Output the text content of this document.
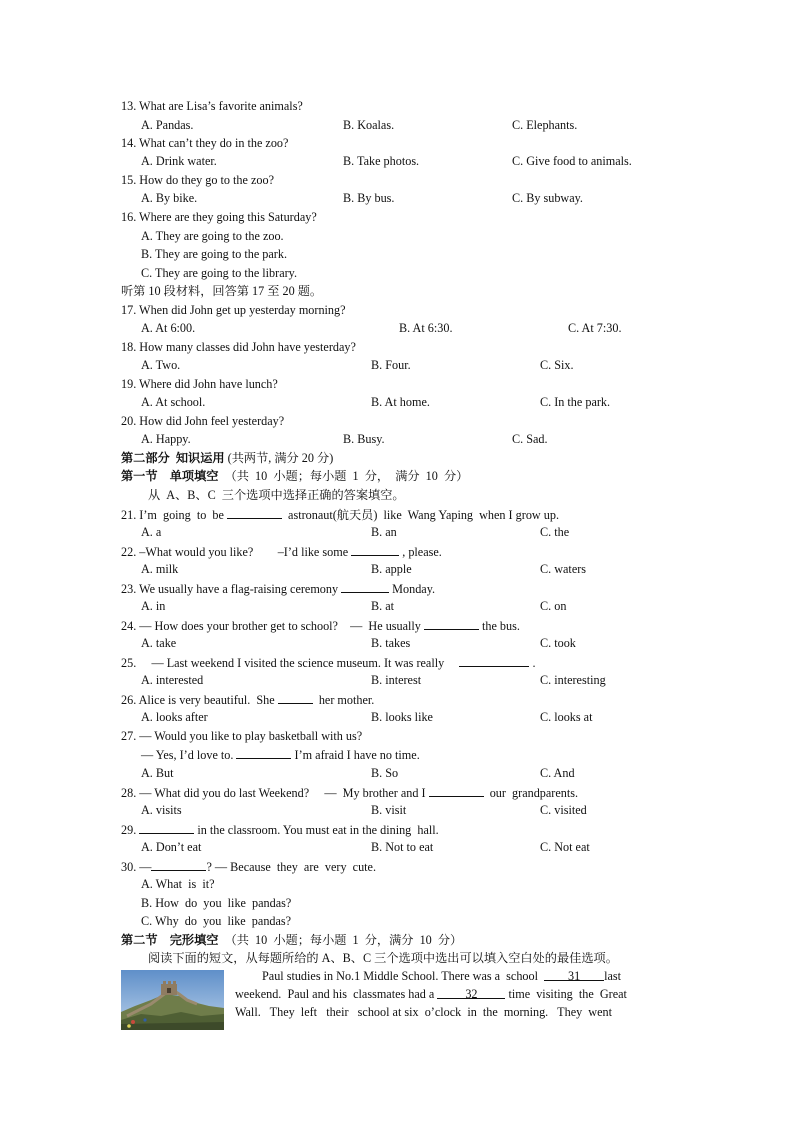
13. What are Lisa’s favorite animals?
A. Pandas.	B. Koalas.	C. Elephants.
14. What can’t they do in the zoo?
A. Drink water.	B. Take photos.	C. Give food to animals.
15. How do they go to the zoo?
A. By bike.	B. By bus.	C. By subway.
16. Where are they going this Saturday?
A. They are going to the zoo.
B. They are going to the park.
C. They are going to the library.
听第 10 段材料，回答第 17 至 20 题。
17. When did John get up yesterday morning?
A. At 6:00.	B. At 6:30.	C. At 7:30.
18. How many classes did John have yesterday?
A. Two.	B. Four.	C. Six.
19. Where did John have lunch?
A. At school.	B. At home.	C. In the park.
20. How did John feel yesterday?
A. Happy.	B. Busy.	C. Sad.
第二部分  知识运用 (共两节, 满分 20 分)
第一节    单项填空  （共  10  小题；每小题  1  分，  满分  10  分）
从  A、B、C  三个选项中选择正确的答案填空。
21. I’m  going  to  be	astronaut(航天员)  like  Wang Yaping  when I grow up.
A. a	B. an	C. the
22. –What would you like?        –I’d like some	, please.
A. milk	B. apple	C. waters
23. We usually have a flag-raising ceremony	Monday.
A. in	B. at	C. on
24. — How does your brother get to school?    —  He usually	the bus.
A. take	B. takes	C. took
25.     — Last weekend I visited the science museum. It was really	.
A. interested	B. interest	C. interesting
26. Alice is very beautiful.  She	her mother.
A. looks after	B. looks like	C. looks at
27. — Would you like to play basketball with us?
— Yes, I’d love to.	I’m afraid I have no time.
A. But	B. So	C. And
28. — What did you do last Weekend?     —  My brother and I	our  grandparents.
A. visits	B. visit	C. visited
29.	in the classroom. You must eat in the dining  hall.
A. Don’t eat	B. Not to eat	C. Not eat
30. —	? — Because  they  are  very  cute.
A. What  is  it?
B. How  do  you  like  pandas?
C. Why  do  you  like  pandas?
第二节    完形填空  （共  10  小题；每小题  1  分，满分  10  分）
阅读下面的短文，从每题所给的 A、B、C 三个选项中选出可以填入空白处的最佳选项。
Paul studies in No.1 Middle School. There was a  school 31 last
weekend.  Paul and his  classmates had a	32	time  visiting  the  Great
Wall.   They  left   their   school at six  o’clock  in  the  morning.   They  went
